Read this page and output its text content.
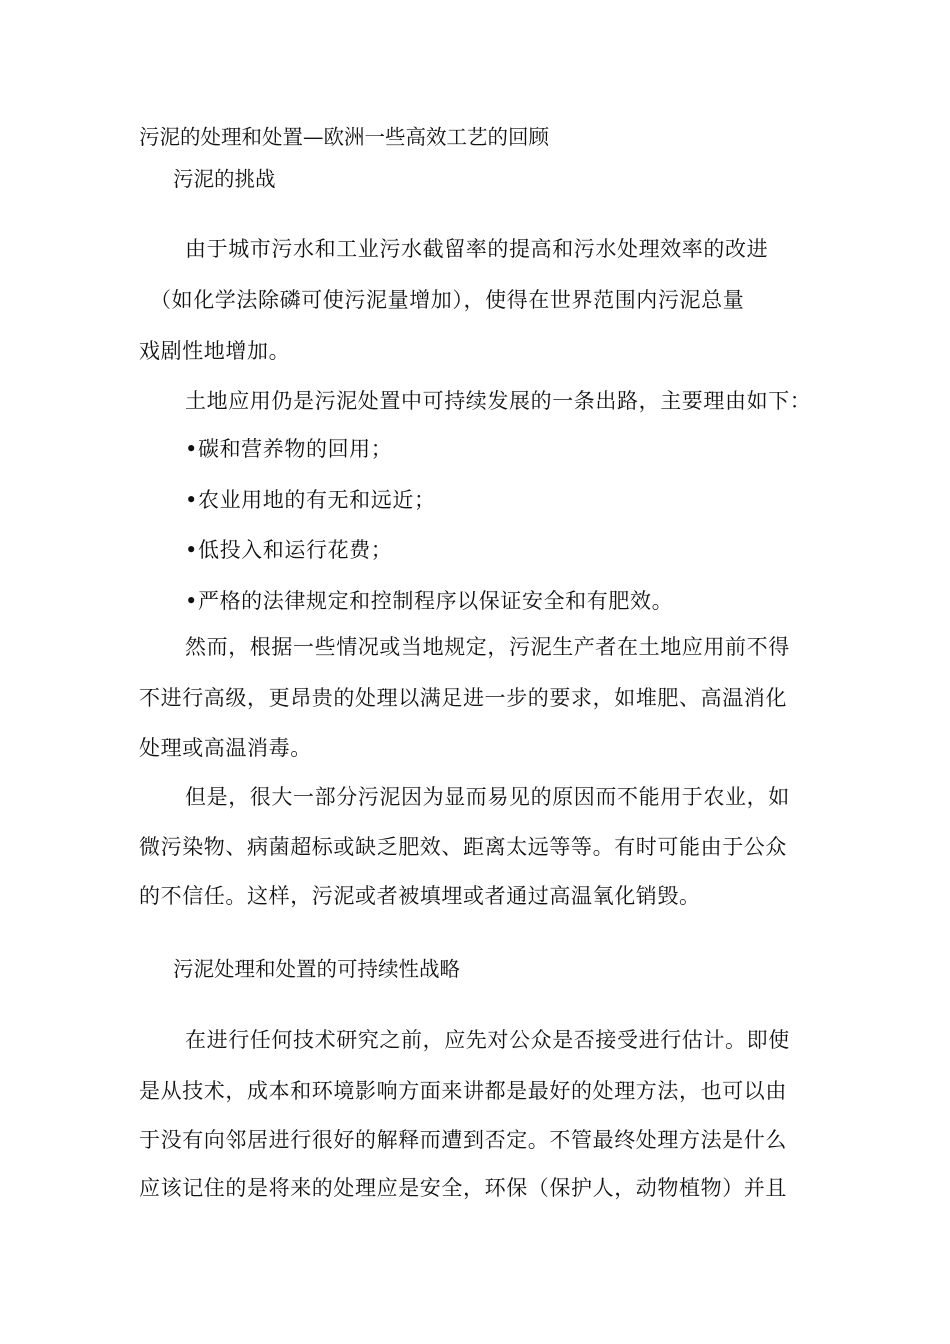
污泥的处理和处置—欧洲一些高效工艺的回顾
污泥的挑战
由于城市污水和工业污水截留率的提高和污水处理效率的改进
（如化学法除磷可使污泥量增加），使得在世界范围内污泥总量
戏剧性地增加。
土地应用仍是污泥处置中可持续发展的一条出路，主要理由如下：
•碳和营养物的回用；
•农业用地的有无和远近；
•低投入和运行花费；
•严格的法律规定和控制程序以保证安全和有肥效。
然而，根据一些情况或当地规定，污泥生产者在土地应用前不得
不进行高级，更昂贵的处理以满足进一步的要求，如堆肥、高温消化
处理或高温消毒。
但是，很大一部分污泥因为显而易见的原因而不能用于农业，如
微污染物、病菌超标或缺乏肥效、距离太远等等。有时可能由于公众
的不信任。这样，污泥或者被填埋或者通过高温氧化销毁。
污泥处理和处置的可持续性战略
在进行任何技术研究之前，应先对公众是否接受进行估计。即使
是从技术，成本和环境影响方面来讲都是最好的处理方法，也可以由
于没有向邻居进行很好的解释而遭到否定。不管最终处理方法是什么
应该记住的是将来的处理应是安全，环保（保护人，动物植物）并且
